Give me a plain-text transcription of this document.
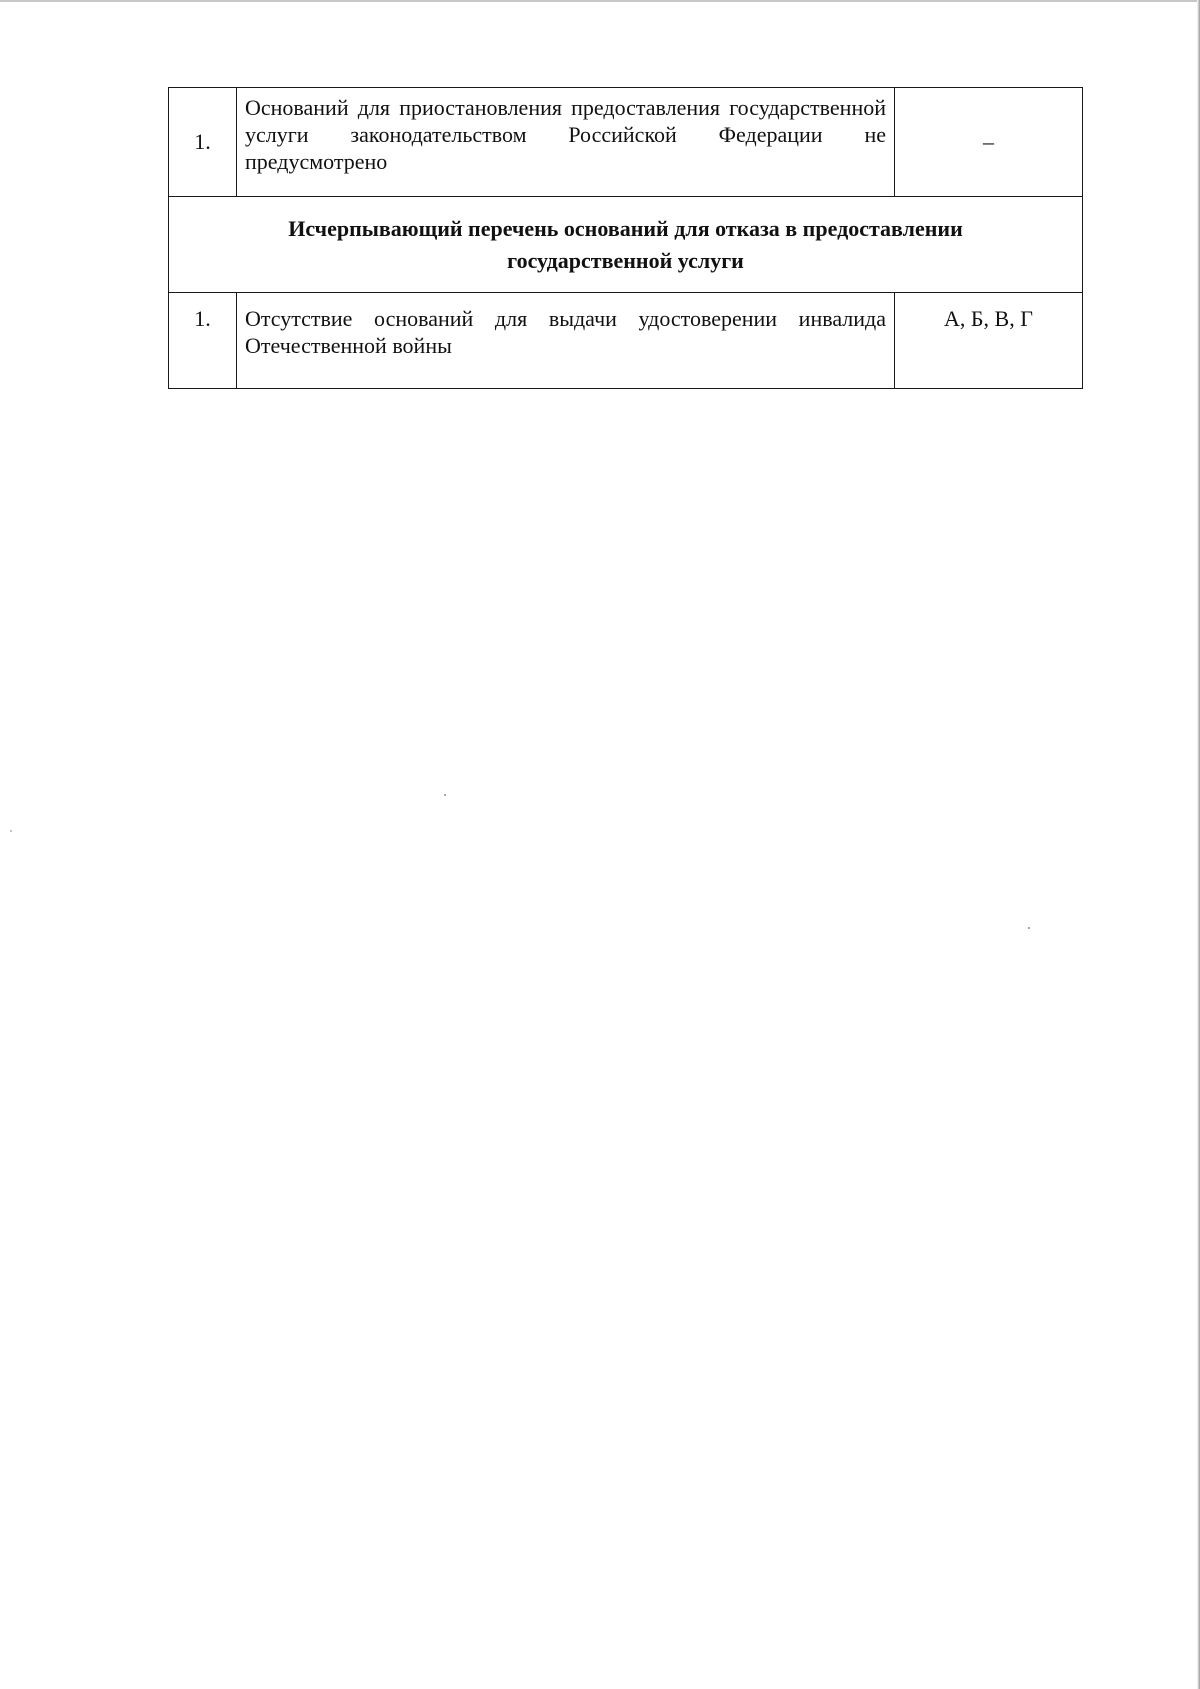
1.	Оснований для приостановления предоставления государственной услуги законодательством Российской Федерации не предусмотрено	–
Исчерпывающий перечень оснований для отказа в предоставлении государственной услуги		
1.	Отсутствие оснований для выдачи удостоверении инвалида Отечественной войны	А, Б, В, Г
